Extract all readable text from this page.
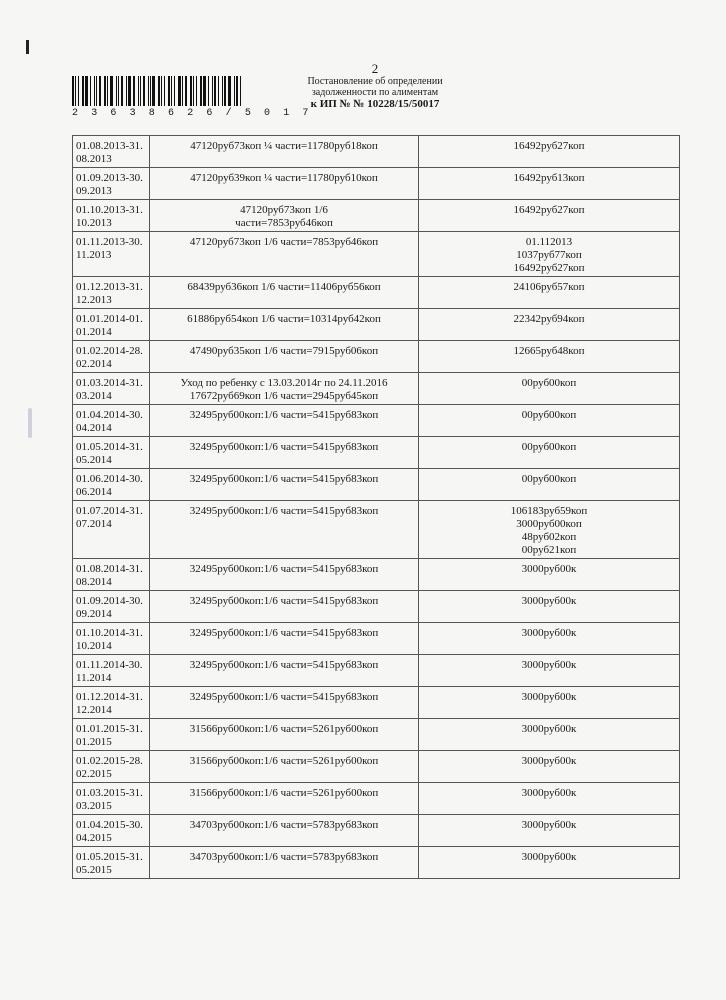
2 3 6 3 8 6 2 6 / 5 0 1 7
2
Постановление об определении
задолженности по алиментам
к ИП № № 10228/15/50017
01.08.2013-31.
08.2013	47120руб73коп ¼ части=11780руб18коп	16492руб27коп
01.09.2013-30.
09.2013	47120руб39коп ¼ части=11780руб10коп	16492руб13коп
01.10.2013-31.
10.2013	47120руб73коп 1/6
части=7853руб46коп	16492руб27коп
01.11.2013-30.
11.2013	47120руб73коп 1/6 части=7853руб46коп	01.112013
1037руб77коп
16492руб27коп
01.12.2013-31.
12.2013	68439руб36коп 1/6 части=11406руб56коп	24106руб57коп
01.01.2014-01.
01.2014	61886руб54коп 1/6 части=10314руб42коп	22342руб94коп
01.02.2014-28.
02.2014	47490руб35коп 1/6 части=7915руб06коп	12665руб48коп
01.03.2014-31.
03.2014	Уход по ребенку с 13.03.2014г по 24.11.2016
17672руб69коп 1/6 части=2945руб45коп	00руб00коп
01.04.2014-30.
04.2014	32495руб00коп:1/6 части=5415руб83коп	00руб00коп
01.05.2014-31.
05.2014	32495руб00коп:1/6 части=5415руб83коп	00руб00коп
01.06.2014-30.
06.2014	32495руб00коп:1/6 части=5415руб83коп	00руб00коп
01.07.2014-31.
07.2014	32495руб00коп:1/6 части=5415руб83коп	106183руб59коп
3000руб00коп
48руб02коп
00руб21коп
01.08.2014-31.
08.2014	32495руб00коп:1/6 части=5415руб83коп	3000руб00к
01.09.2014-30.
09.2014	32495руб00коп:1/6 части=5415руб83коп	3000руб00к
01.10.2014-31.
10.2014	32495руб00коп:1/6 части=5415руб83коп	3000руб00к
01.11.2014-30.
11.2014	32495руб00коп:1/6 части=5415руб83коп	3000руб00к
01.12.2014-31.
12.2014	32495руб00коп:1/6 части=5415руб83коп	3000руб00к
01.01.2015-31.
01.2015	31566руб00коп:1/6 части=5261руб00коп	3000руб00к
01.02.2015-28.
02.2015	31566руб00коп:1/6 части=5261руб00коп	3000руб00к
01.03.2015-31.
03.2015	31566руб00коп:1/6 части=5261руб00коп	3000руб00к
01.04.2015-30.
04.2015	34703руб00коп:1/6 части=5783руб83коп	3000руб00к
01.05.2015-31.
05.2015	34703руб00коп:1/6 части=5783руб83коп	3000руб00к
